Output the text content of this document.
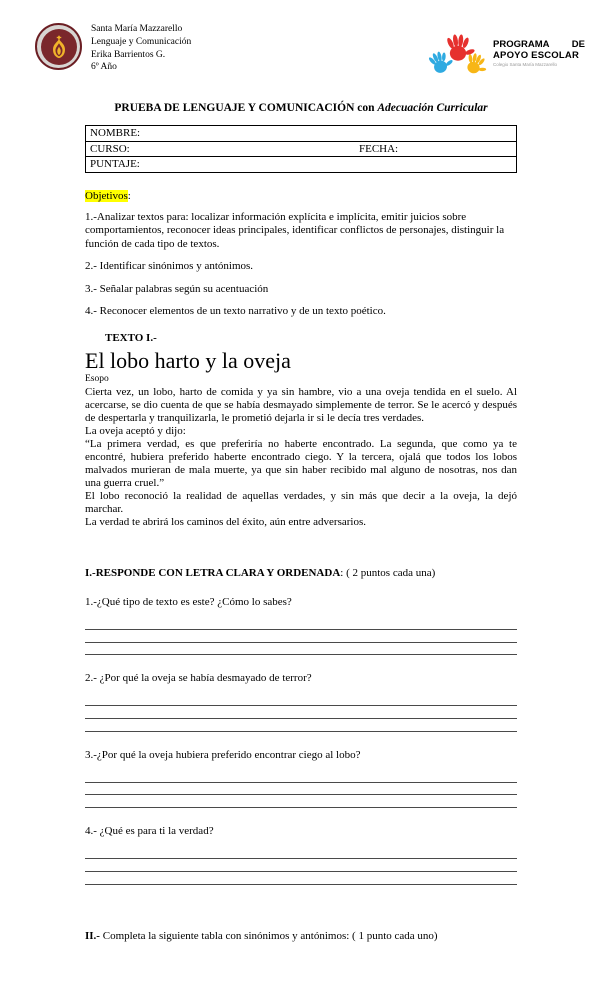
Santa María Mazzarello
Lenguaje y Comunicación
Erika Barrientos G.
6º Año
PROGRAMA DE
APOYO ESCOLAR
Colegio Santa María Mazzarello
PRUEBA DE LENGUAJE Y COMUNICACIÓN con Adecuación Curricular
NOMBRE:
CURSO:	FECHA:
PUNTAJE:
Objetivos:

1.-Analizar textos para: localizar información explícita e implícita, emitir juicios sobre comportamientos, reconocer ideas principales, identificar conflictos de personajes, distinguir la función de cada tipo de textos.

2.- Identificar sinónimos y antónimos.

3.- Señalar palabras según su acentuación

4.- Reconocer elementos de un texto narrativo y de un texto poético.

TEXTO I.-
El lobo harto y la oveja
Esopo

Cierta vez, un lobo, harto de comida y ya sin hambre, vio a una oveja tendida en el suelo. Al acercarse, se dio cuenta de que se había desmayado simplemente de terror. Se le acercó y después de despertarla y tranquilizarla, le prometió dejarla ir si le decía tres verdades.

La oveja aceptó y dijo:

“La primera verdad, es que preferiría no haberte encontrado. La segunda, que como ya te encontré, hubiera preferido haberte encontrado ciego. Y la tercera, ojalá que todos los lobos malvados murieran de mala muerte, ya que sin haber recibido mal alguno de nosotras, nos dan una guerra cruel.”

El lobo reconoció la realidad de aquellas verdades, y sin más que decir a la oveja, la dejó marchar.

La verdad te abrirá los caminos del éxito, aún entre adversarios.

I.-RESPONDE CON LETRA CLARA Y ORDENADA: ( 2 puntos cada una)

1.-¿Qué tipo de texto es este? ¿Cómo lo sabes?

2.- ¿Por qué la oveja se había desmayado de terror?

3.-¿Por qué la oveja hubiera preferido encontrar ciego al lobo?

4.- ¿Qué es para ti la verdad?

II.- Completa la siguiente tabla con sinónimos y antónimos: ( 1 punto cada uno)
